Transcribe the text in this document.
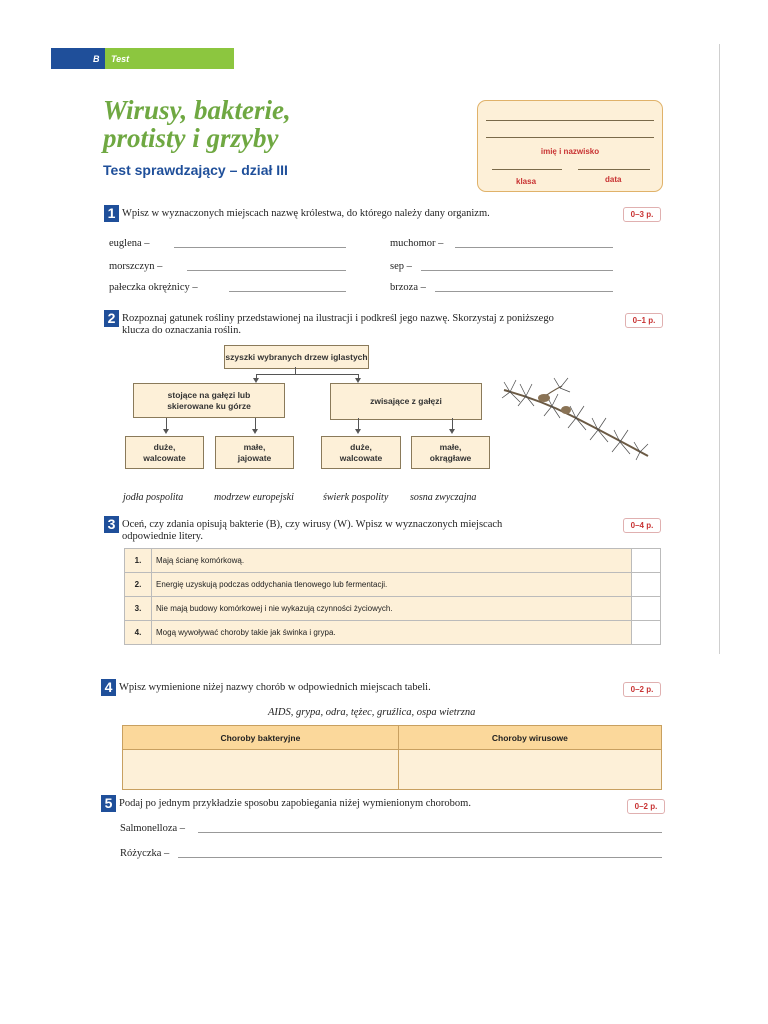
B Test
Wirusy, bakterie,
protisty i grzyby
Test sprawdzający – dział III
imię i nazwisko
klasa	data
1 Wpisz w wyznaczonych miejscach nazwę królestwa, do którego należy dany organizm.	0–3 p.
euglena –	muchomor –
morszczyn –	sep –
pałeczka okrężnicy –	brzoza –
2 Rozpoznaj gatunek rośliny przedstawionej na ilustracji i podkreśl jego nazwę. Skorzystaj z poniższego
klucza do oznaczania roślin.
0–1 p.
szyszki wybranych drzew iglastych
stojące na gałęzi lub skierowane ku górze	zwisające z gałęzi
duże, walcowate
małe, jajowate
duże, walcowate
małe, okrągławe
jodła pospolita	modrzew europejski	świerk pospolity sosna zwyczajna
3 Oceń, czy zdania opisują bakterie (B), czy wirusy (W). Wpisz w wyznaczonych miejscach
odpowiednie litery.
0–4 p.
1.	Mają ścianę komórkową.	
2.	Energię uzyskują podczas oddychania tlenowego lub fermentacji.	
3.	Nie mają budowy komórkowej i nie wykazują czynności życiowych.	
4.	Mogą wywoływać choroby takie jak świnka i grypa.	
4 Wpisz wymienione niżej nazwy chorób w odpowiednich miejscach tabeli.	0–2 p.
AIDS, grypa, odra, tężec, gruźlica, ospa wietrzna
Choroby bakteryjne	Choroby wirusowe

5 Podaj po jednym przykładzie sposobu zapobiegania niżej wymienionym chorobom.	0–2 p.
Salmonelloza –
Różyczka –
